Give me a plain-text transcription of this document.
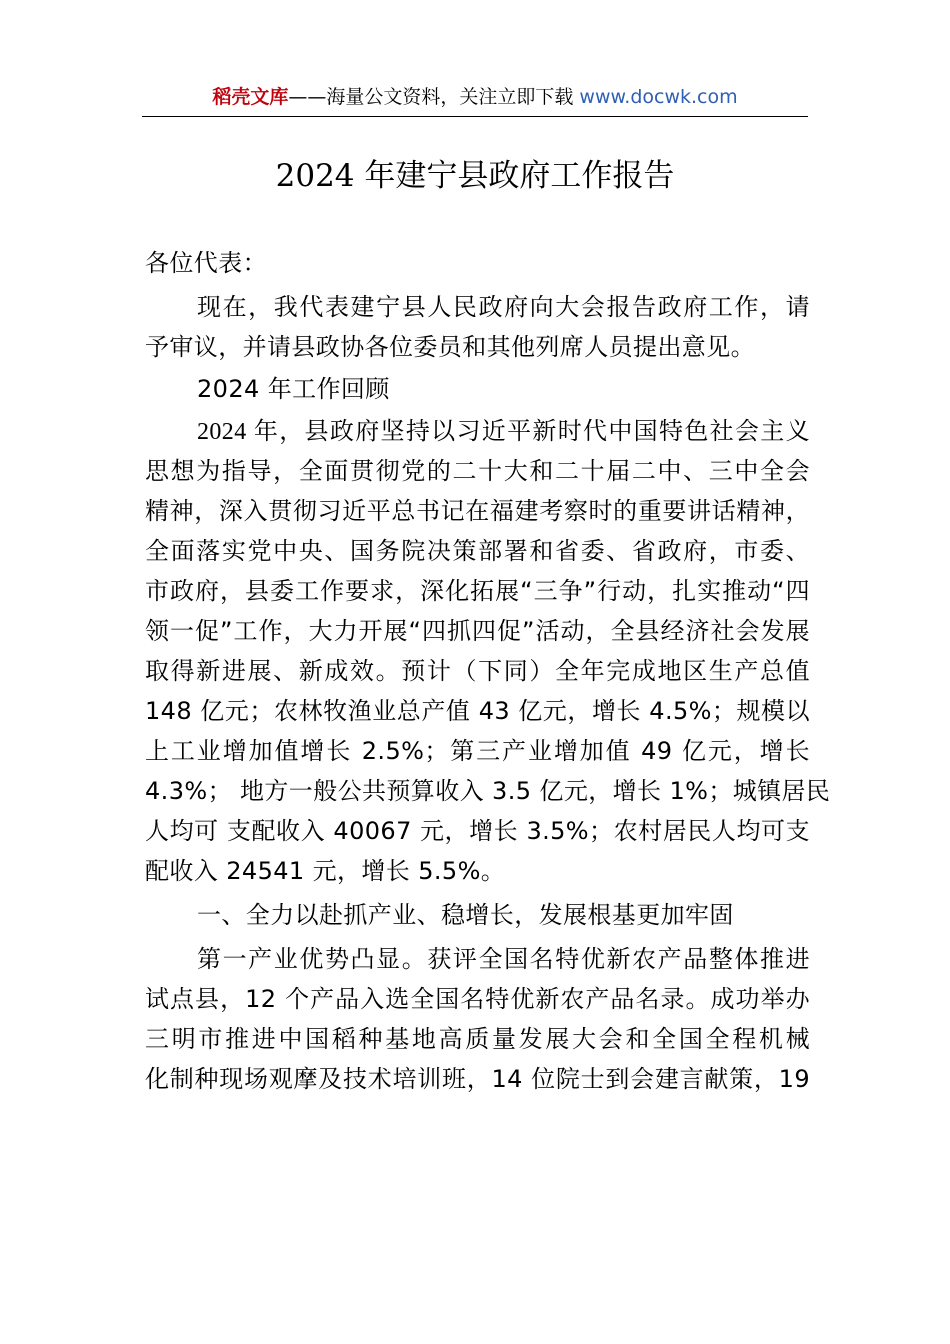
稻壳文库——海量公文资料，关注立即下载 www.docwk.com
2024 年建宁县政府工作报告
各位代表：
现在，我代表建宁县人民政府向大会报告政府工作，请
予审议，并请县政协各位委员和其他列席人员提出意见。
2024 年工作回顾
2024 年，县政府坚持以习近平新时代中国特色社会主义
思想为指导，全面贯彻党的二十大和二十届二中、三中全会
精神，深入贯彻习近平总书记在福建考察时的重要讲话精神，
全面落实党中央、国务院决策部署和省委、省政府，市委、
市政府，县委工作要求，深化拓展“三争”行动，扎实推动“四
领一促”工作，大力开展“四抓四促”活动，全县经济社会发展
取得新进展、新成效。预计（下同）全年完成地区生产总值
148 亿元；农林牧渔业总产值 43 亿元，增长 4.5%；规模以
上工业增加值增长 2.5%；第三产业增加值 49 亿元，增长
4.3%； 地方一般公共预算收入 3.5 亿元，增长 1%；城镇居民
人均可 支配收入 40067 元，增长 3.5%；农村居民人均可支
配收入 24541 元，增长 5.5%。
一、全力以赴抓产业、稳增长，发展根基更加牢固
第一产业优势凸显。获评全国名特优新农产品整体推进
试点县，12 个产品入选全国名特优新农产品名录。成功举办
三明市推进中国稻种基地高质量发展大会和全国全程机械
化制种现场观摩及技术培训班，14 位院士到会建言献策，19
